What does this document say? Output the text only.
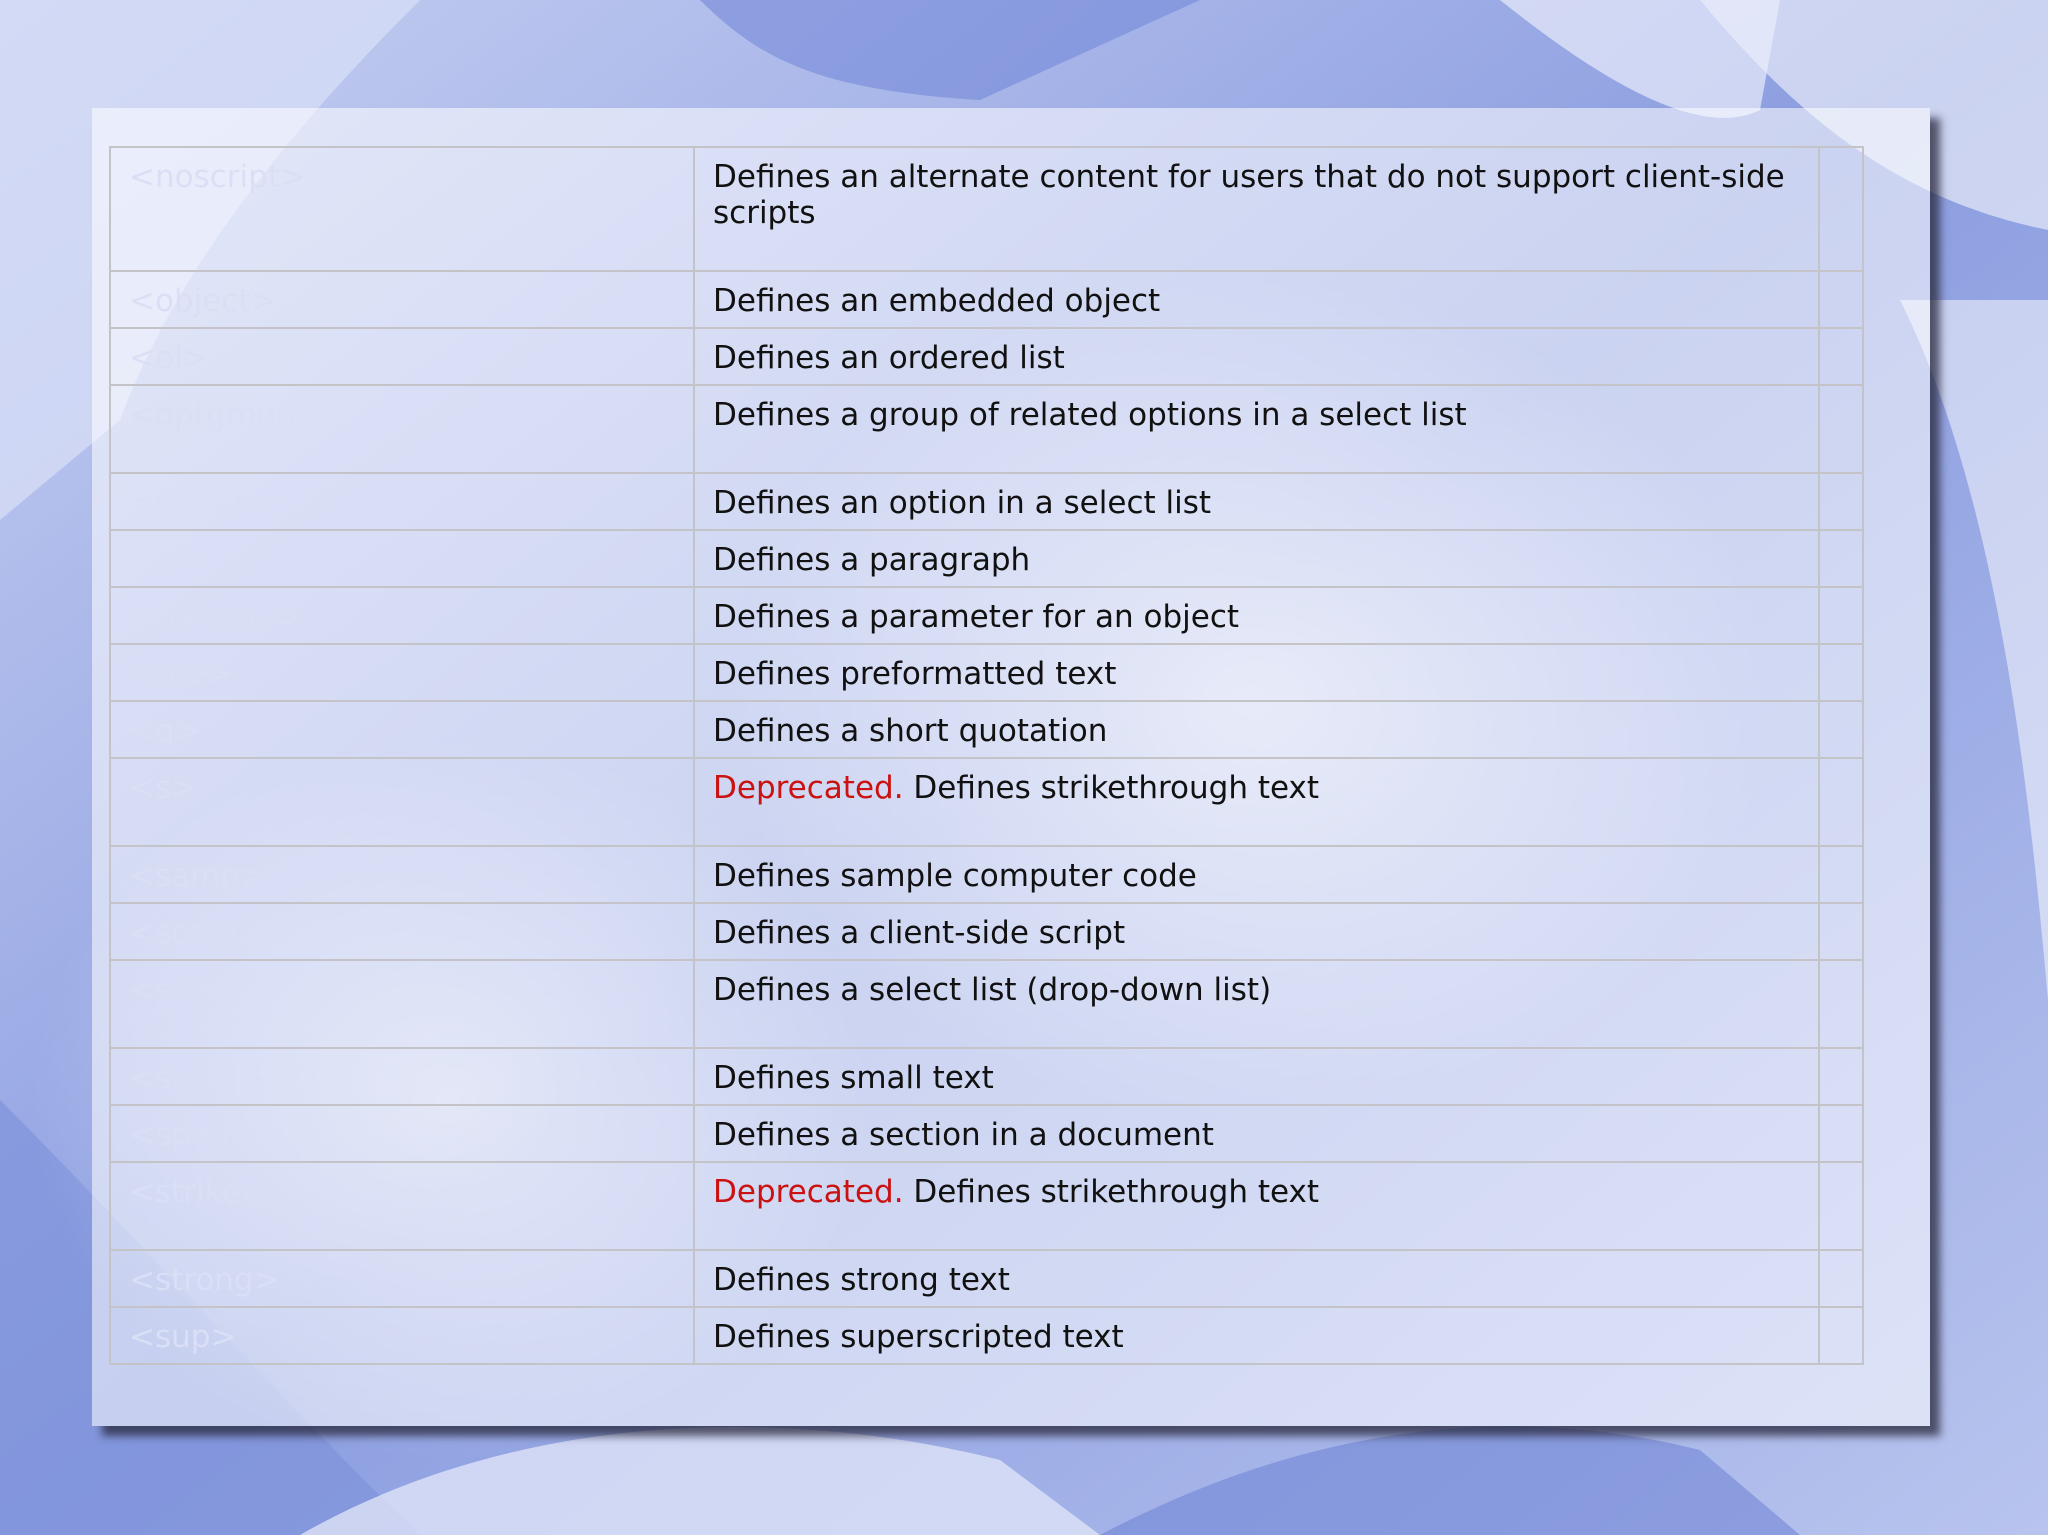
<noscript>	Defines an alternate content for users that do not support client-side scripts	
<object>	Defines an embedded object	
<ol>	Defines an ordered list	
<optgroup>	Defines a group of related options in a select list	
<option>	Defines an option in a select list	
<p>	Defines a paragraph	
<param />	Defines a parameter for an object	
<pre>	Defines preformatted text	
<q>	Defines a short quotation	
<s>	Deprecated. Defines strikethrough text	
<samp>	Defines sample computer code	
<script>	Defines a client-side script	
<select>	Defines a select list (drop-down list)	
<small>	Defines small text	
<span>	Defines a section in a document	
<strike>	Deprecated. Defines strikethrough text	
<strong>	Defines strong text	
<sup>	Defines superscripted text	
